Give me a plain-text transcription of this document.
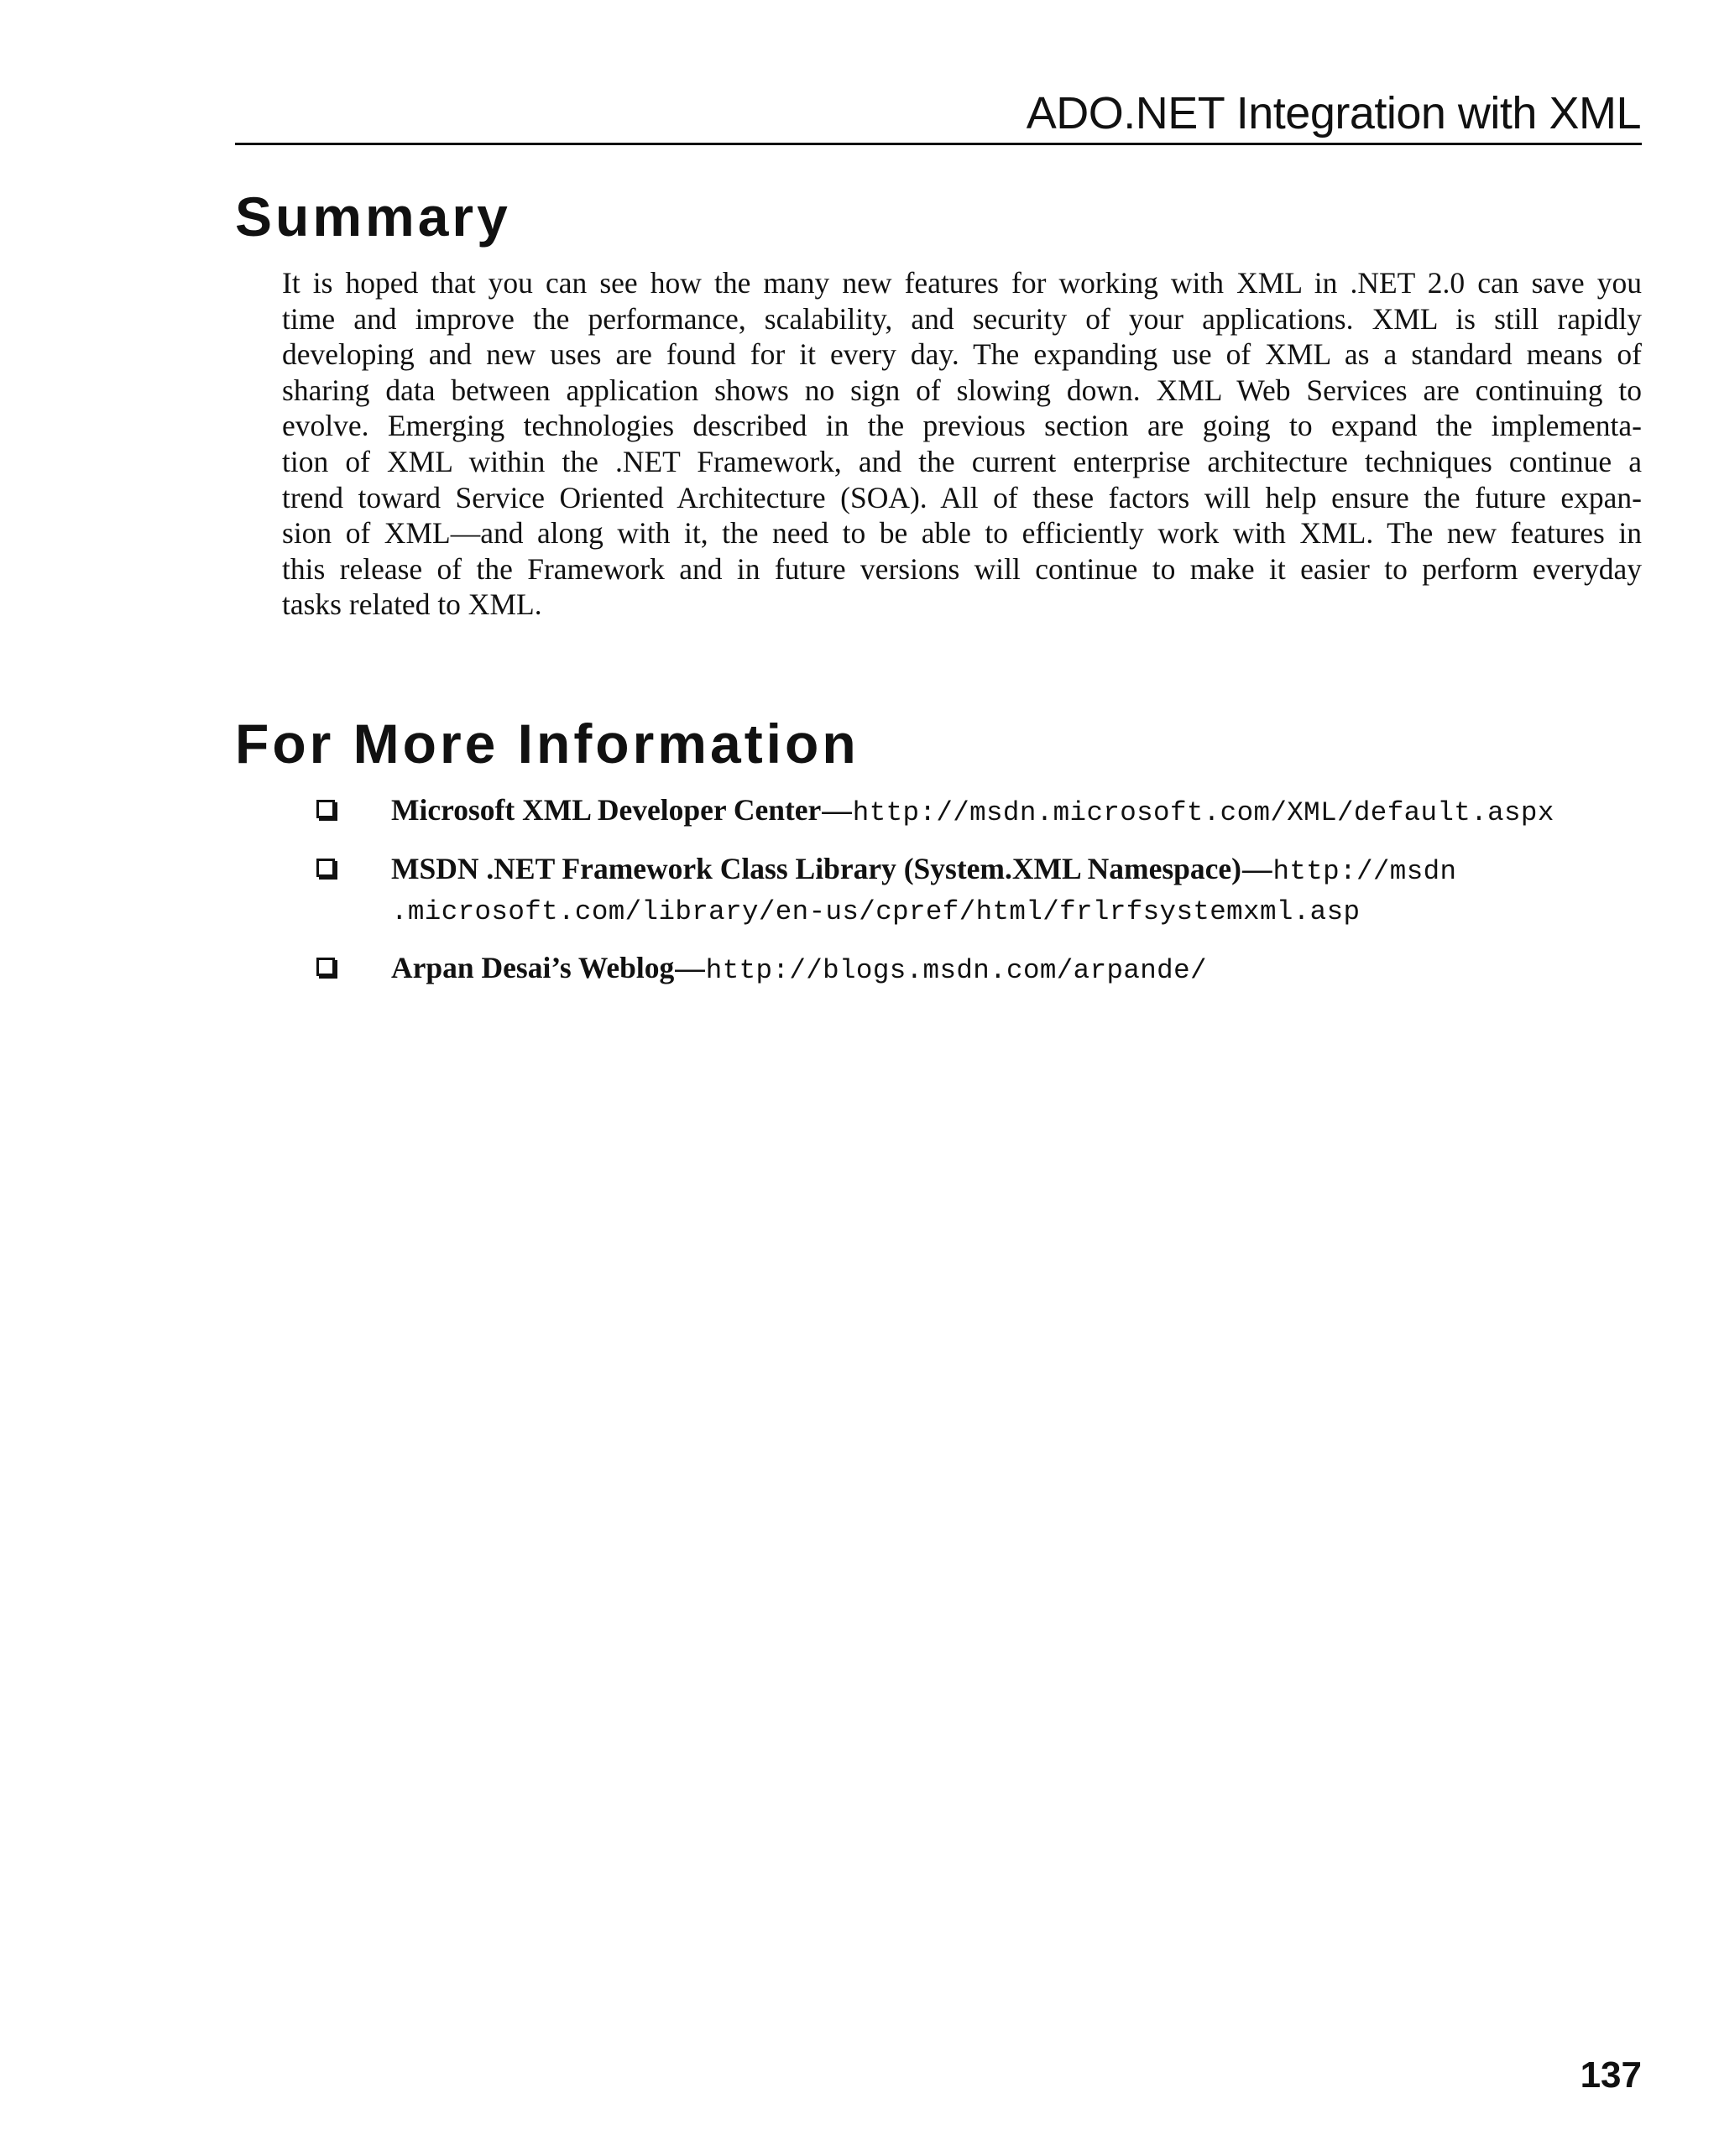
ADO.NET Integration with XML
Summary

It is hoped that you can see how the many new features for working with XML in .NET 2.0 can save you
time and improve the performance, scalability, and security of your applications. XML is still rapidly
developing and new uses are found for it every day. The expanding use of XML as a standard means of
sharing data between application shows no sign of slowing down. XML Web Services are continuing to
evolve. Emerging technologies described in the previous section are going to expand the implementa-
tion of XML within the .NET Framework, and the current enterprise architecture techniques continue a
trend toward Service Oriented Architecture (SOA). All of these factors will help ensure the future expan-
sion of XML—and along with it, the need to be able to efficiently work with XML. The new features in
this release of the Framework and in future versions will continue to make it easier to perform everyday
tasks related to XML.

For More Information
Microsoft XML Developer Center—http://msdn.microsoft.com/XML/default.aspx
MSDN .NET Framework Class Library (System.XML Namespace)—http://msdn
.microsoft.com/library/en-us/cpref/html/frlrfsystemxml.asp
Arpan Desai’s Weblog—http://blogs.msdn.com/arpande/
137
